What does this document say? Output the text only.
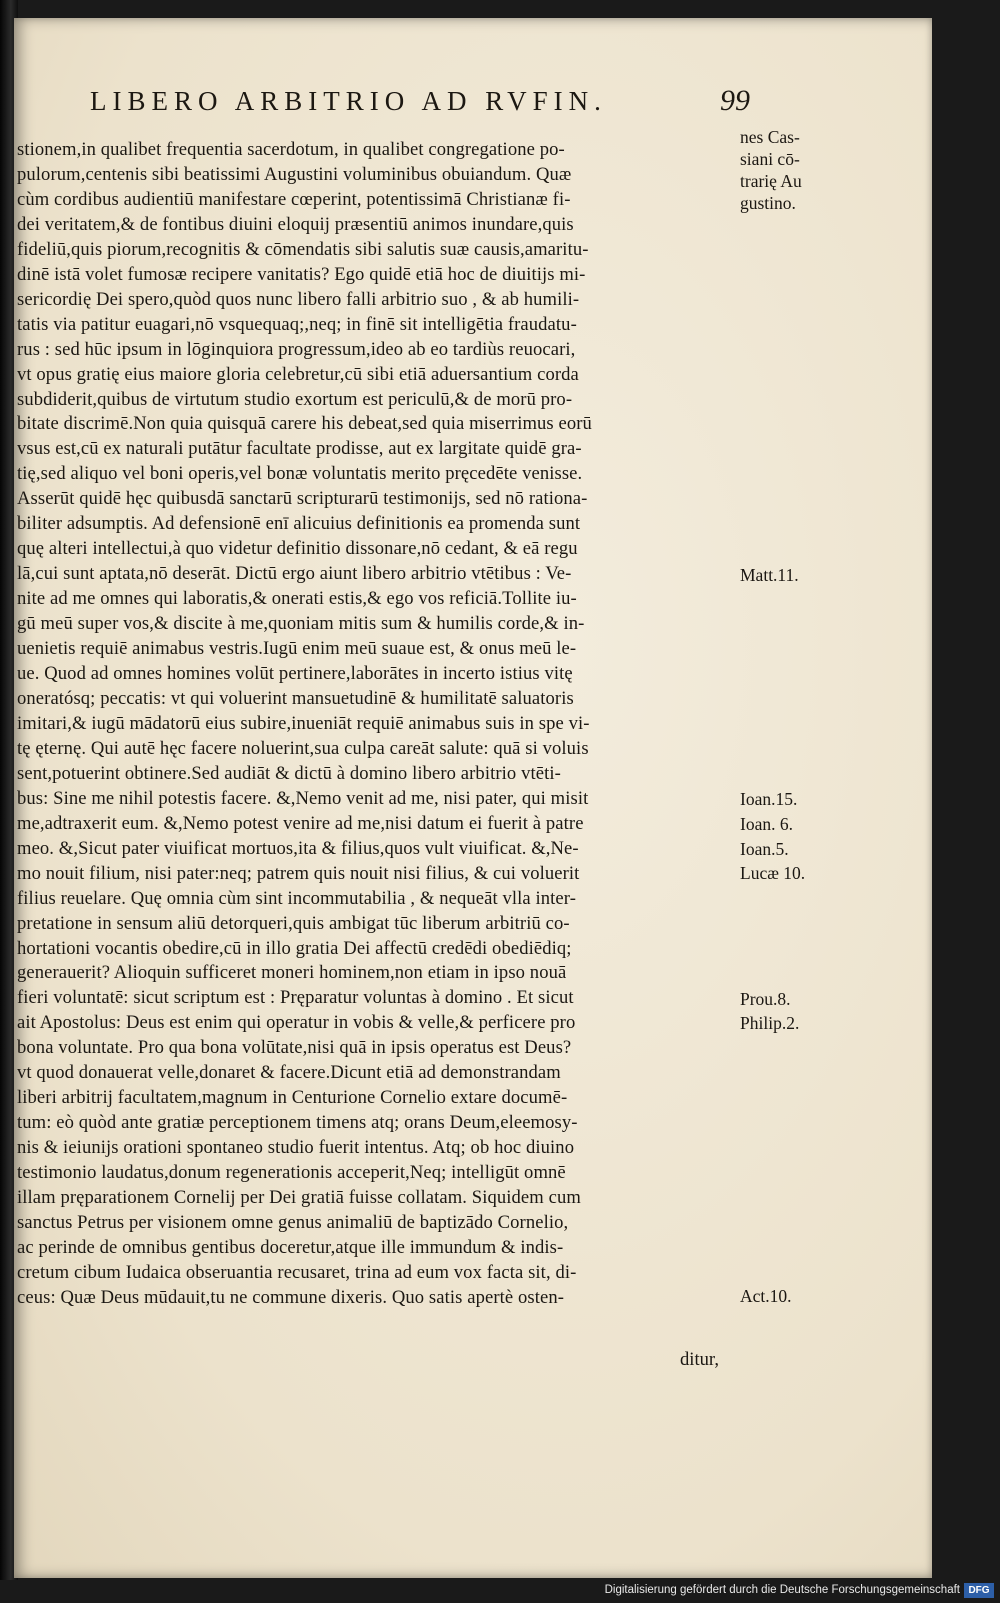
LIBERO ARBITRIO AD RVFIN.	99
stionem,in qualibet frequentia sacerdotum, in qualibet congregatione po-
pulorum,centenis sibi beatissimi Augustini voluminibus obuiandum. Quæ
cùm cordibus audientiū manifestare cœperint, potentissimā Christianæ fi-
dei veritatem,& de fontibus diuini eloquij præsentiū animos inundare,quis
fideliū,quis piorum,recognitis & cōmendatis sibi salutis suæ causis,amaritu-
dinē istā volet fumosæ recipere vanitatis? Ego quidē etiā hoc de diuitijs mi-
sericordię Dei spero,quòd quos nunc libero falli arbitrio suo , & ab humili-
tatis via patitur euagari,nō vsquequaq;,neq; in finē sit intelligētia fraudatu-
rus : sed hūc ipsum in lōginquiora progressum,ideo ab eo tardiùs reuocari,
vt opus gratię eius maiore gloria celebretur,cū sibi etiā aduersantium corda
subdiderit,quibus de virtutum studio exortum est periculū,& de morū pro-
bitate discrimē.Non quia quisquā carere his debeat,sed quia miserrimus eorū
vsus est,cū ex naturali putātur facultate prodisse, aut ex largitate quidē gra-
tię,sed aliquo vel boni operis,vel bonæ voluntatis merito pręcedēte venisse.
Asserūt quidē hęc quibusdā sanctarū scripturarū testimonijs, sed nō rationa-
biliter adsumptis. Ad defensionē enī alicuius definitionis ea promenda sunt
quę alteri intellectui,à quo videtur definitio dissonare,nō cedant, & eā regu
lā,cui sunt aptata,nō deserāt. Dictū ergo aiunt libero arbitrio vtētibus : Ve-
nite ad me omnes qui laboratis,& onerati estis,& ego vos reficiā.Tollite iu-
gū meū super vos,& discite à me,quoniam mitis sum & humilis corde,& in-
uenietis requiē animabus vestris.Iugū enim meū suaue est, & onus meū le-
ue. Quod ad omnes homines volūt pertinere,laborātes in incerto istius vitę
oneratósq; peccatis: vt qui voluerint mansuetudinē & humilitatē saluatoris
imitari,& iugū mādatorū eius subire,inueniāt requiē animabus suis in spe vi-
tę ęternę. Qui autē hęc facere noluerint,sua culpa careāt salute: quā si voluis
sent,potuerint obtinere.Sed audiāt & dictū à domino libero arbitrio vtēti-
bus: Sine me nihil potestis facere. &,Nemo venit ad me, nisi pater, qui misit
me,adtraxerit eum. &,Nemo potest venire ad me,nisi datum ei fuerit à patre
meo. &,Sicut pater viuificat mortuos,ita & filius,quos vult viuificat. &,Ne-
mo nouit filium, nisi pater:neq; patrem quis nouit nisi filius, & cui voluerit
filius reuelare. Quę omnia cùm sint incommutabilia , & nequeāt vlla inter-
pretatione in sensum aliū detorqueri,quis ambigat tūc liberum arbitriū co-
hortationi vocantis obedire,cū in illo gratia Dei affectū credēdi obediēdiq;
generauerit? Alioquin sufficeret moneri hominem,non etiam in ipso nouā
fieri voluntatē: sicut scriptum est : Pręparatur voluntas à domino . Et sicut
ait Apostolus: Deus est enim qui operatur in vobis & velle,& perficere pro
bona voluntate. Pro qua bona volūtate,nisi quā in ipsis operatus est Deus?
vt quod donauerat velle,donaret & facere.Dicunt etiā ad demonstrandam
liberi arbitrij facultatem,magnum in Centurione Cornelio extare documē-
tum: eò quòd ante gratiæ perceptionem timens atq; orans Deum,eleemosy-
nis & ieiunijs orationi spontaneo studio fuerit intentus. Atq; ob hoc diuino
testimonio laudatus,donum regenerationis acceperit,Neq; intelligūt omnē
illam pręparationem Cornelij per Dei gratiā fuisse collatam. Siquidem cum
sanctus Petrus per visionem omne genus animaliū de baptizādo Cornelio,
ac perinde de omnibus gentibus doceretur,atque ille immundum & indis-
cretum cibum Iudaica obseruantia recusaret, trina ad eum vox facta sit, di-
ceus: Quæ Deus mūdauit,tu ne commune dixeris. Quo satis apertè osten-
ditur,
nes Cas-
siani cō-
trarię Au
gustino.
Matt.11.
Ioan.15.
Ioan. 6.
Ioan.5.
Lucæ 10.
Prou.8.
Philip.2.
Act.10.
Digitalisierung gefördert durch die Deutsche Forschungsgemeinschaft DFG
